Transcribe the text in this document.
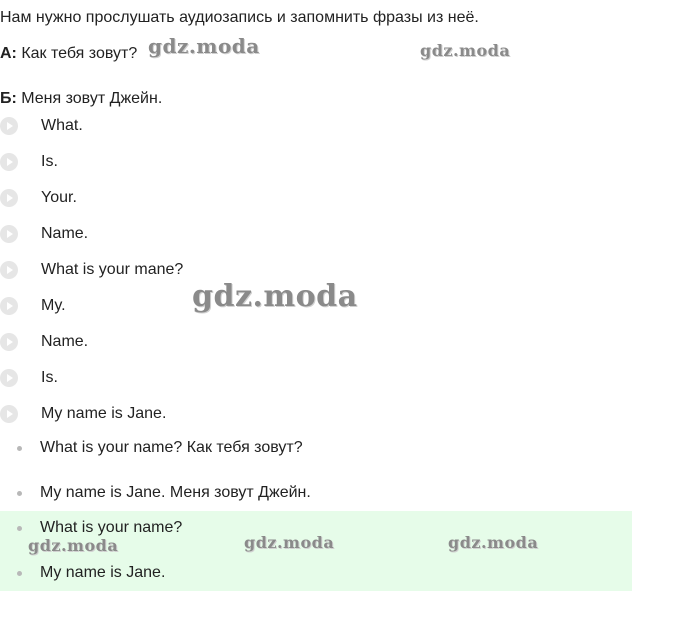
Нам нужно прослушать аудиозапись и запомнить фразы из неё.
А: Как тебя зовут?
Б: Меня зовут Джейн.
What.
Is.
Your.
Name.
What is your mane?
My.
Name.
Is.
My name is Jane.
What is your name? Как тебя зовут?
My name is Jane. Меня зовут Джейн.
What is your name?
My name is Jane.
gdz.moda	gdz.moda
gdz.moda
gdz.moda	gdz.moda	gdz.moda
